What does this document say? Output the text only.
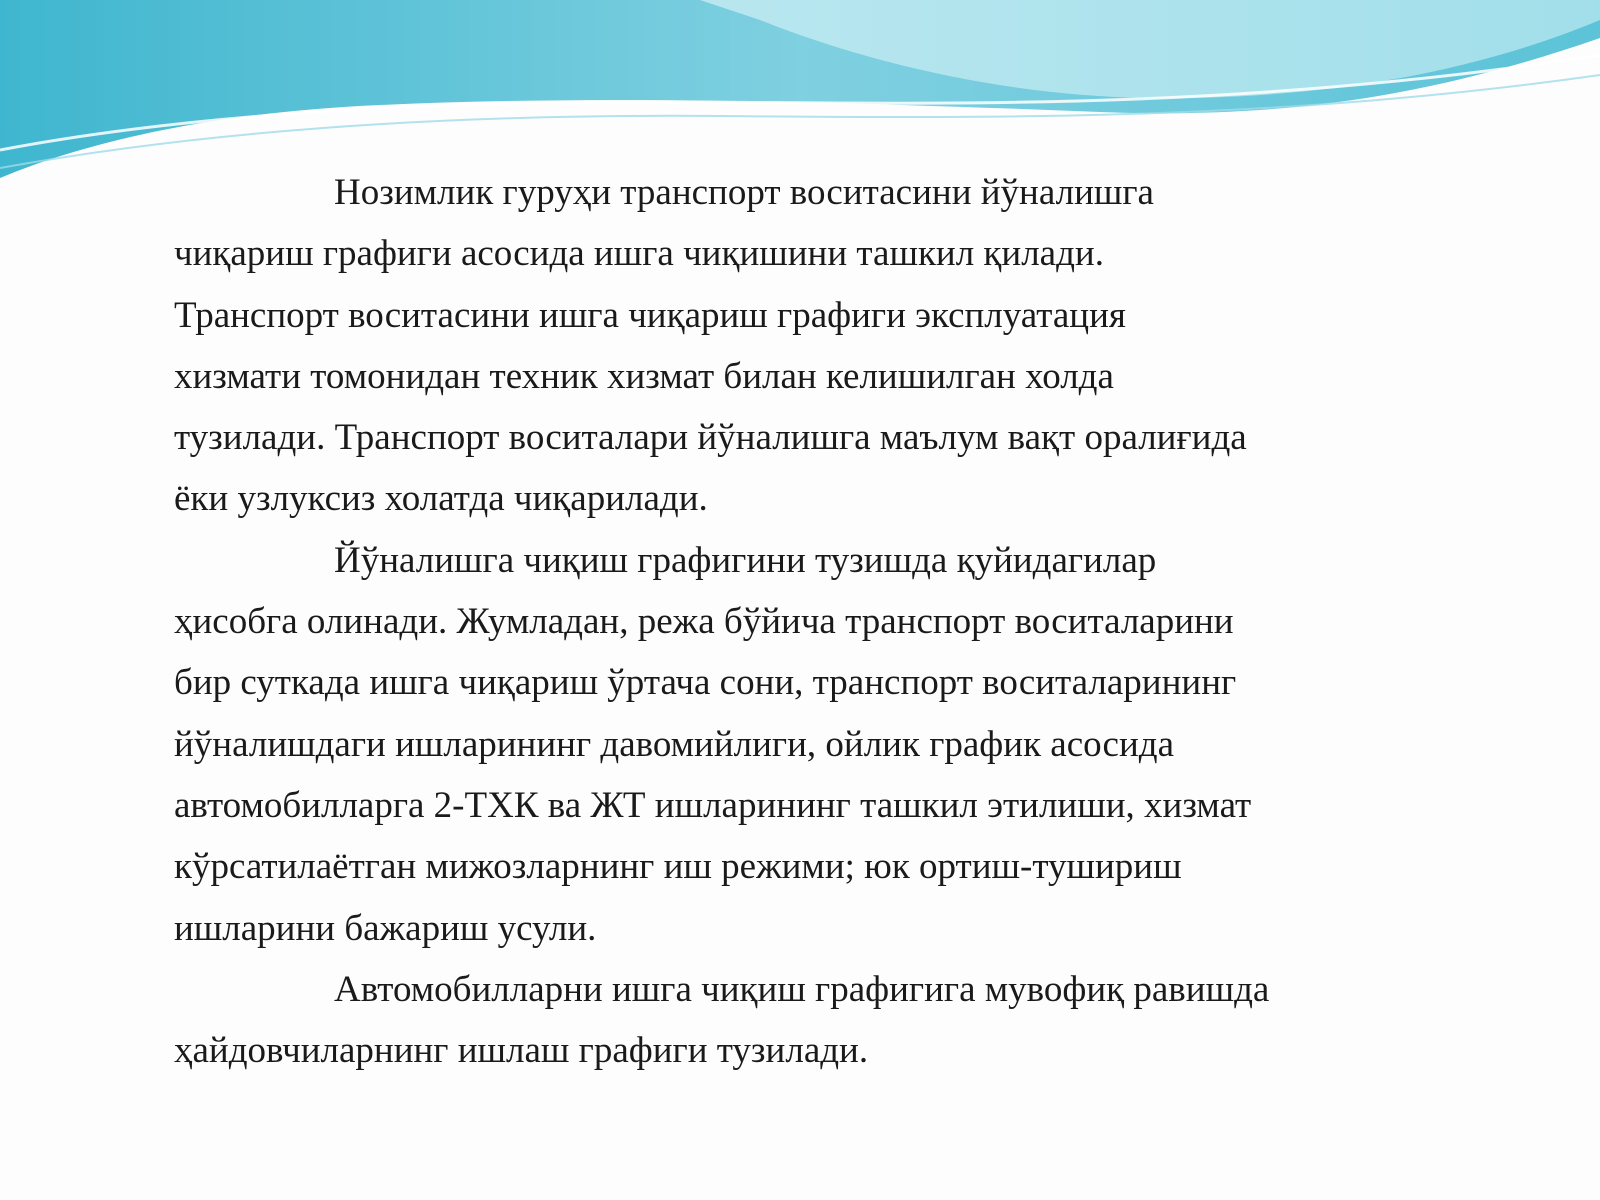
Нозимлик гуруҳи транспорт воситасини йўналишга
чиқариш графиги асосида ишга чиқишини ташкил қилади.
Транспорт воситасини ишга чиқариш графиги эксплуатация
хизмати томонидан техник хизмат билан келишилган холда
тузилади. Транспорт воситалари йўналишга маълум вақт оралиғида
ёки узлуксиз холатда чиқарилади.
Йўналишга чиқиш графигини тузишда қуйидагилар
ҳисобга олинади. Жумладан, режа бўйича транспорт воситаларини
бир суткада ишга чиқариш ўртача сони, транспорт воситаларининг
йўналишдаги ишларининг давомийлиги, ойлик график асосида
автомобилларга 2-ТХК ва ЖТ ишларининг ташкил этилиши, хизмат
кўрсатилаётган мижозларнинг иш режими; юк ортиш-тушириш
ишларини бажариш усули.
Автомобилларни ишга чиқиш графигига мувофиқ равишда
ҳайдовчиларнинг ишлаш графиги тузилади.
